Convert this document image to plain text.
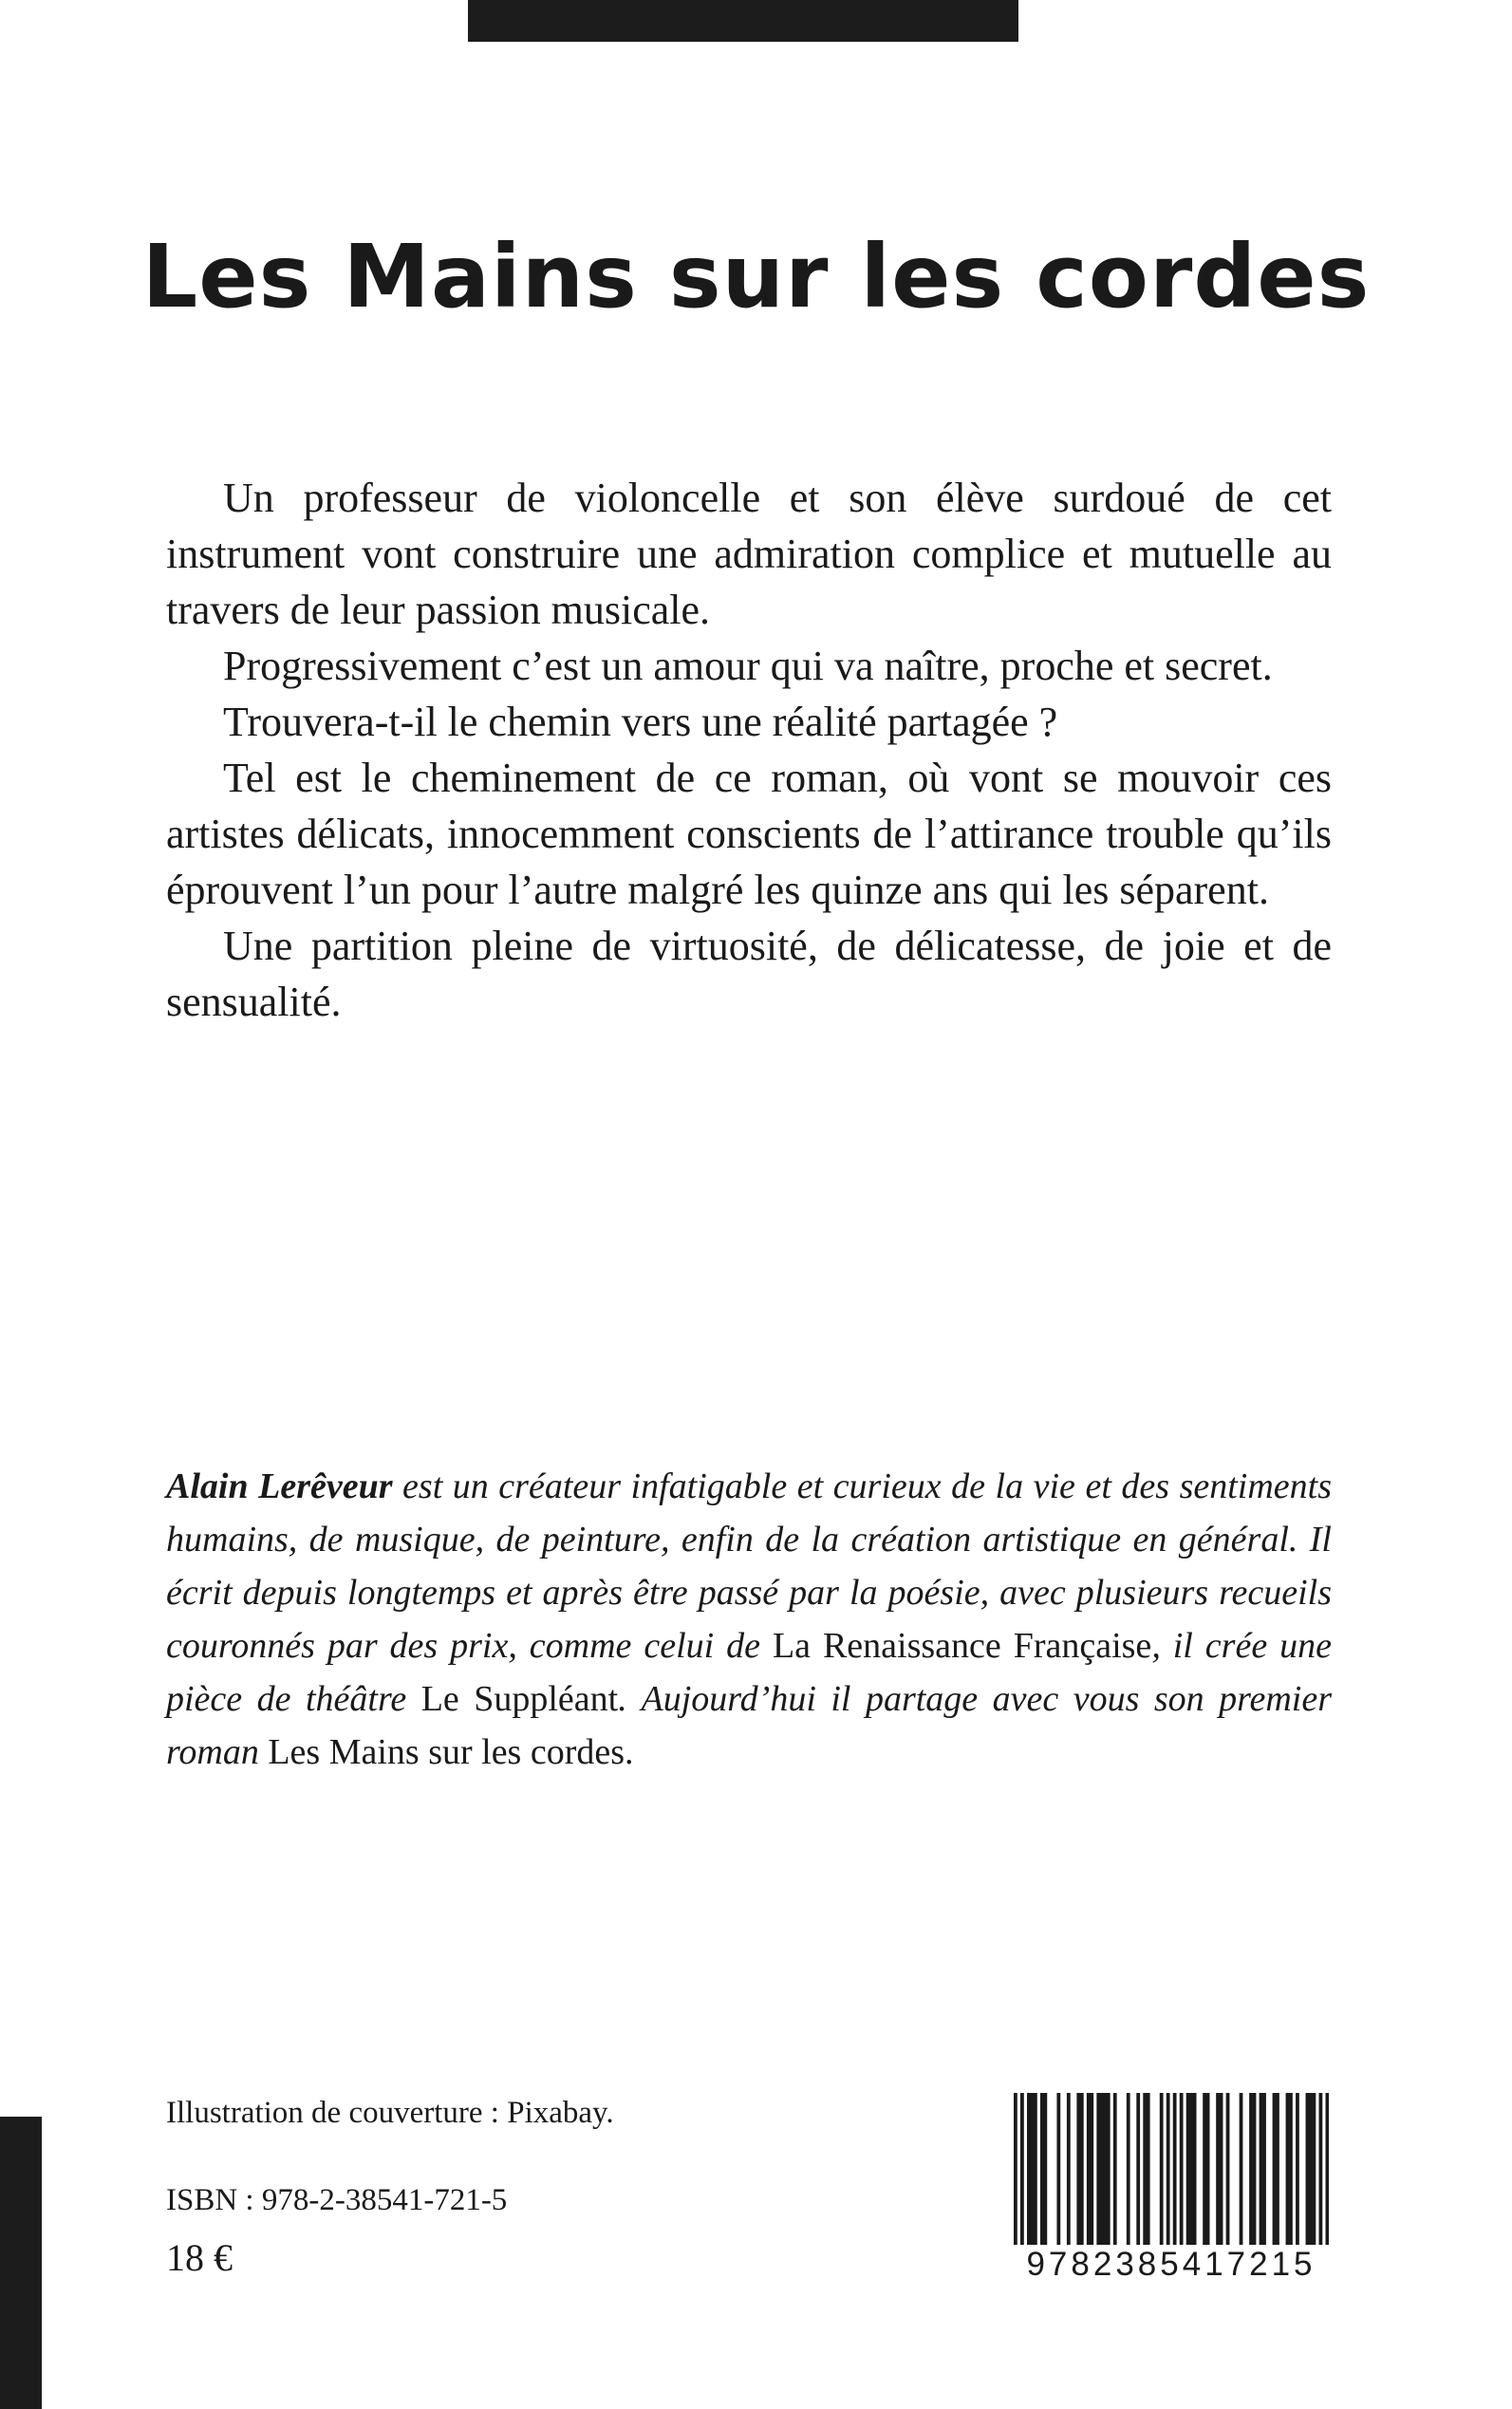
Les Mains sur les cordes

Un professeur de violoncelle et son élève surdoué de cet instrument vont construire une admiration complice et mutuelle au travers de leur passion musicale.

Progressivement c’est un amour qui va naître, proche et secret.

Trouvera-t-il le chemin vers une réalité partagée ?

Tel est le cheminement de ce roman, où vont se mouvoir ces artistes délicats, innocemment conscients de l’attirance trouble qu’ils éprouvent l’un pour l’autre malgré les quinze ans qui les séparent.

Une partition pleine de virtuosité, de délicatesse, de joie et de sensualité.

Alain Lerêveur est un créateur infatigable et curieux de la vie et des sentiments humains, de musique, de peinture, enfin de la création artistique en général. Il écrit depuis longtemps et après être passé par la poésie, avec plusieurs recueils couronnés par des prix, comme celui de La Renaissance Française, il crée une pièce de théâtre Le Suppléant. Aujourd’hui il partage avec vous son premier roman Les Mains sur les cordes.

Illustration de couverture : Pixabay.
ISBN : 978-2-38541-721-5
18 €	9782385417215
